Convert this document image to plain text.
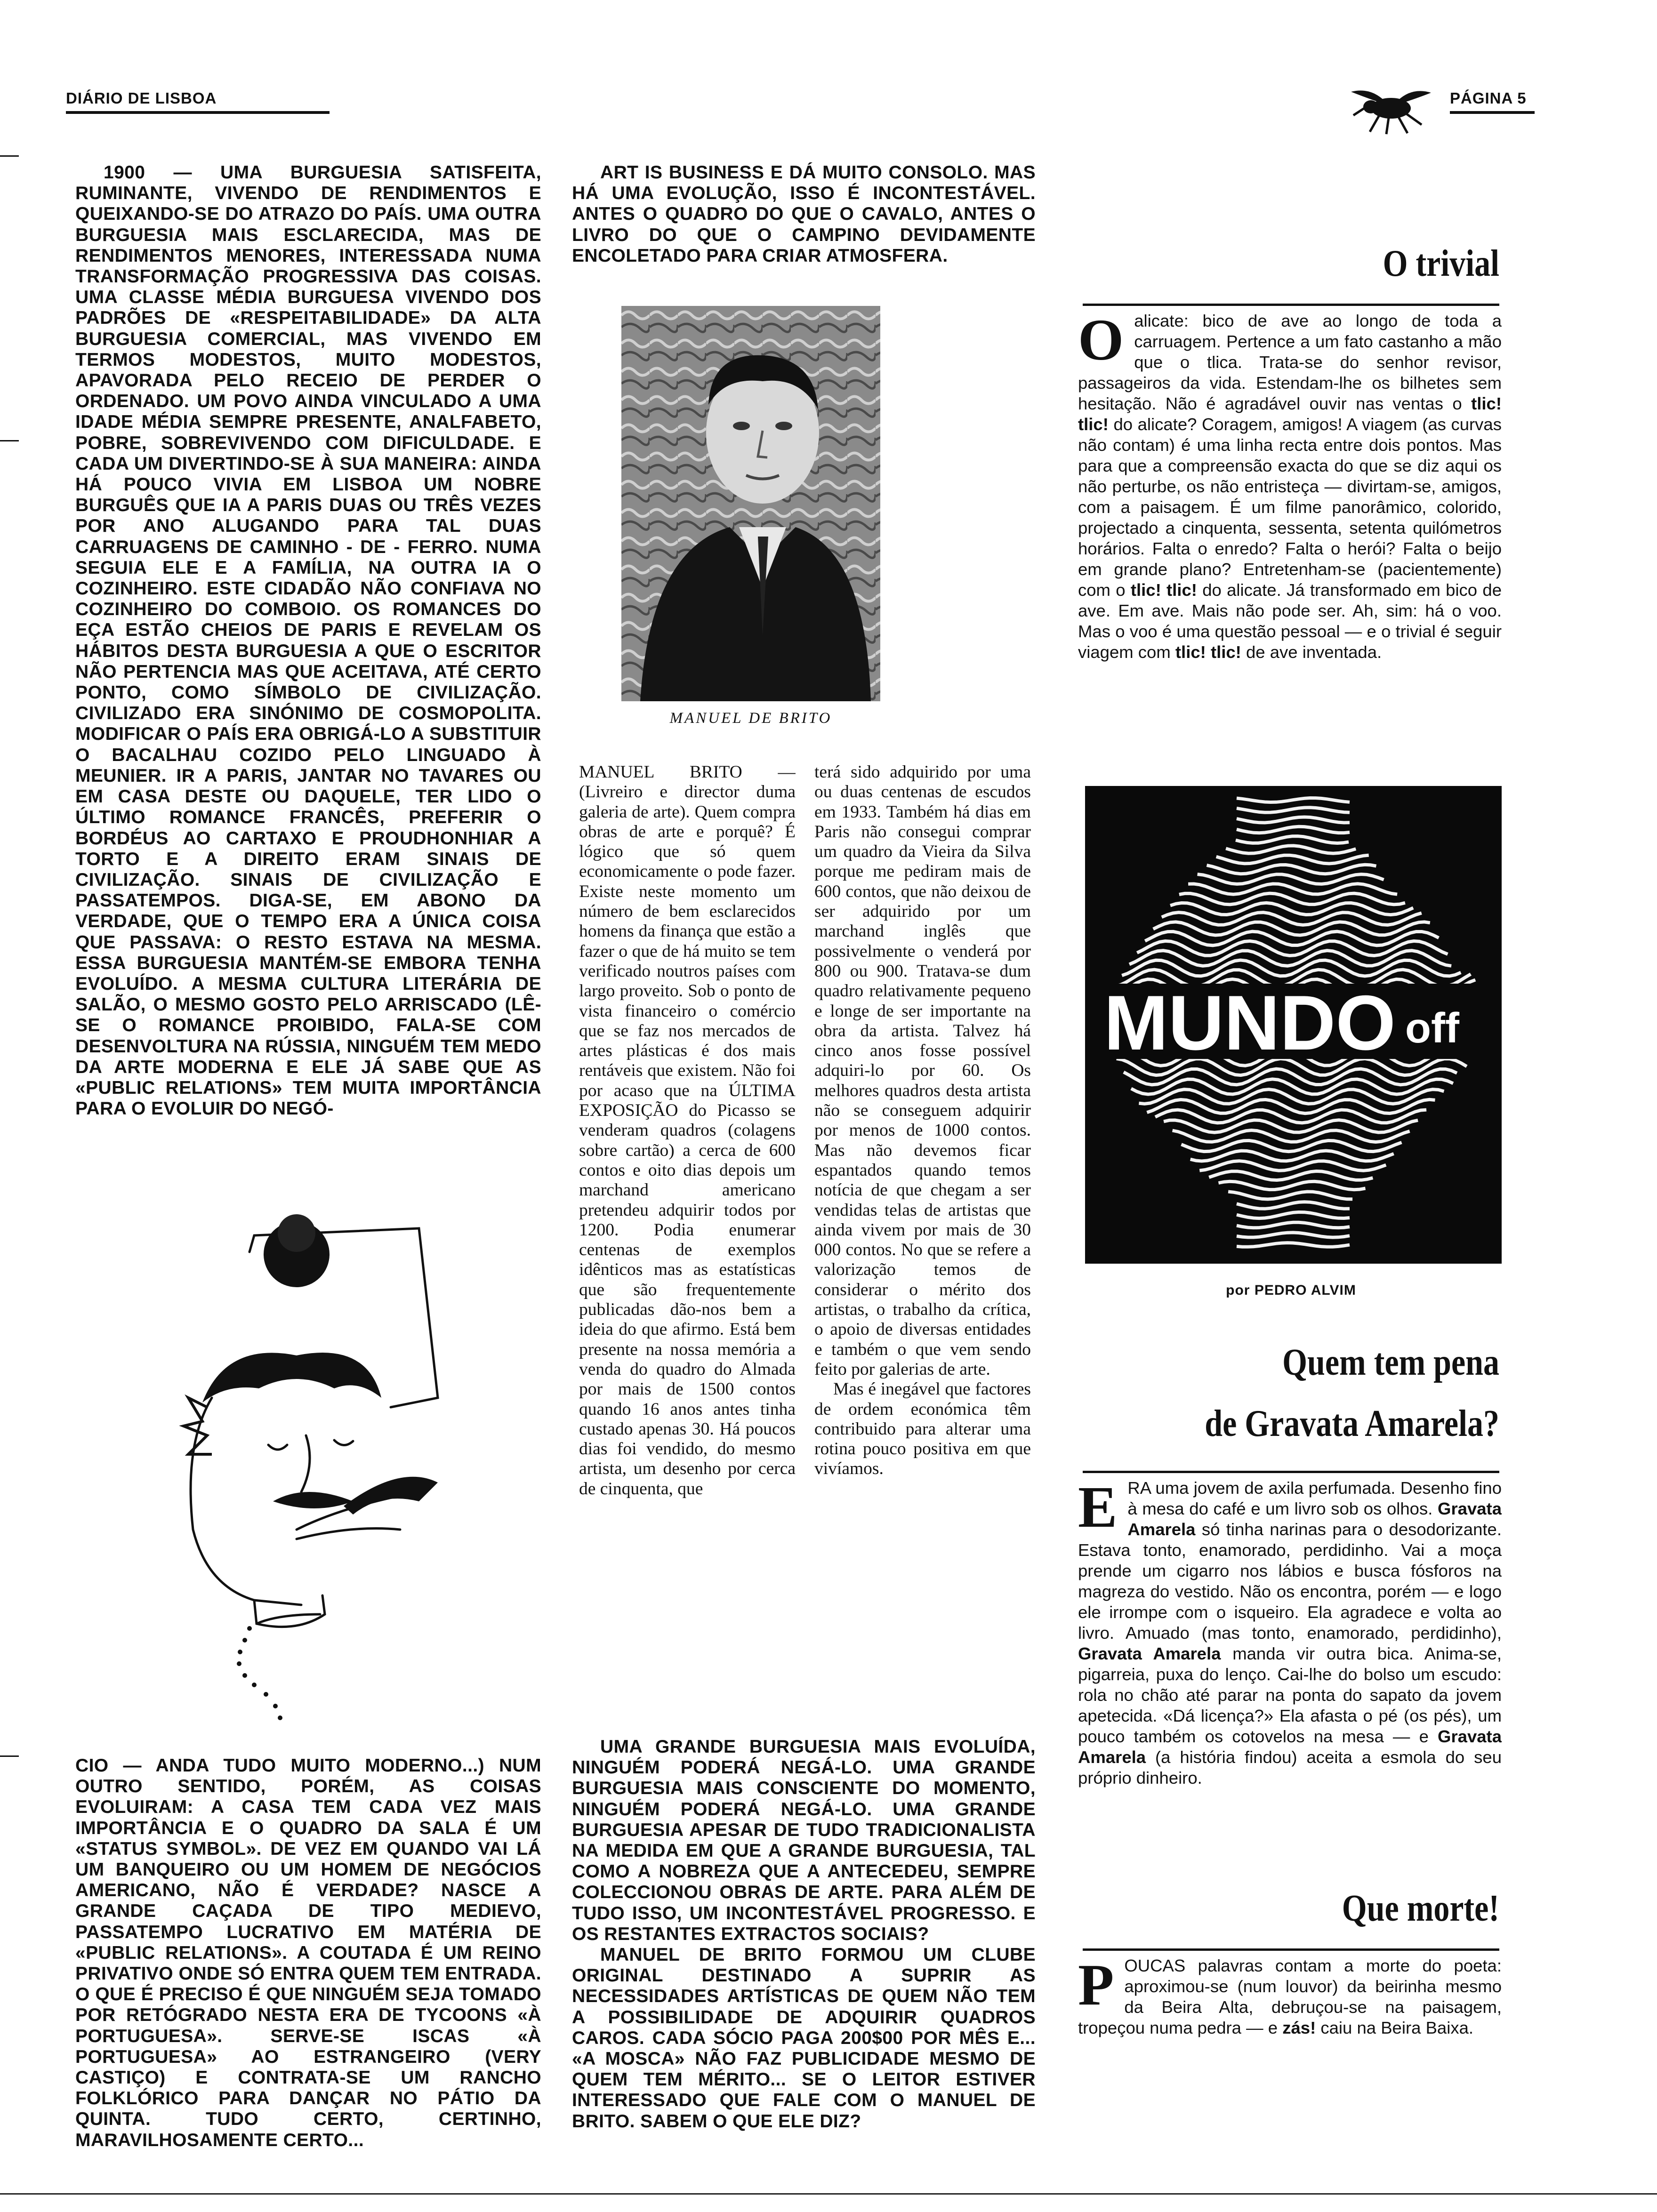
DIÁRIO DE LISBOA	PÁGINA 5
1900 — UMA BURGUESIA SATISFEITA, RUMINANTE, VIVENDO DE RENDIMENTOS E QUEIXANDO-SE DO ATRAZO DO PAÍS. UMA OUTRA BURGUESIA MAIS ESCLARECIDA, MAS DE RENDIMENTOS MENORES, INTERESSADA NUMA TRANSFORMAÇÃO PROGRESSIVA DAS COISAS. UMA CLASSE MÉDIA BURGUESA VIVENDO DOS PADRÕES DE «RESPEITABILIDADE» DA ALTA BURGUESIA COMERCIAL, MAS VIVENDO EM TERMOS MODESTOS, MUITO MODESTOS, APAVORADA PELO RECEIO DE PERDER O ORDENADO. UM POVO AINDA VINCULADO A UMA IDADE MÉDIA SEMPRE PRESENTE, ANALFABETO, POBRE, SOBREVIVENDO COM DIFICULDADE. E CADA UM DIVERTINDO-SE À SUA MANEIRA: AINDA HÁ POUCO VIVIA EM LISBOA UM NOBRE BURGUÊS QUE IA A PARIS DUAS OU TRÊS VEZES POR ANO ALUGANDO PARA TAL DUAS CARRUAGENS DE CAMINHO - DE - FERRO. NUMA SEGUIA ELE E A FAMÍLIA, NA OUTRA IA O COZINHEIRO. ESTE CIDADÃO NÃO CONFIAVA NO COZINHEIRO DO COMBOIO. OS ROMANCES DO EÇA ESTÃO CHEIOS DE PARIS E REVELAM OS HÁBITOS DESTA BURGUESIA A QUE O ESCRITOR NÃO PERTENCIA MAS QUE ACEITAVA, ATÉ CERTO PONTO, COMO SÍMBOLO DE CIVILIZAÇÃO. CIVILIZADO ERA SINÓNIMO DE COSMOPOLITA. MODIFICAR O PAÍS ERA OBRIGÁ-LO A SUBSTITUIR O BACALHAU COZIDO PELO LINGUADO À MEUNIER. IR A PARIS, JANTAR NO TAVARES OU EM CASA DESTE OU DAQUELE, TER LIDO O ÚLTIMO ROMANCE FRANCÊS, PREFERIR O BORDÉUS AO CARTAXO E PROUDHONHIAR A TORTO E A DIREITO ERAM SINAIS DE CIVILIZAÇÃO. SINAIS DE CIVILIZAÇÃO E PASSATEMPOS. DIGA-SE, EM ABONO DA VERDADE, QUE O TEMPO ERA A ÚNICA COISA QUE PASSAVA: O RESTO ESTAVA NA MESMA. ESSA BURGUESIA MANTÉM-SE EMBORA TENHA EVOLUÍDO. A MESMA CULTURA LITERÁRIA DE SALÃO, O MESMO GOSTO PELO ARRISCADO (LÊ-SE O ROMANCE PROIBIDO, FALA-SE COM DESENVOLTURA NA RÚSSIA, NINGUÉM TEM MEDO DA ARTE MODERNA E ELE JÁ SABE QUE AS «PUBLIC RELATIONS» TEM MUITA IMPORTÂNCIA PARA O EVOLUIR DO NEGÓ-
ART IS BUSINESS E DÁ MUITO CONSOLO. MAS HÁ UMA EVOLUÇÃO, ISSO É INCONTESTÁVEL. ANTES O QUADRO DO QUE O CAVALO, ANTES O LIVRO DO QUE O CAMPINO DEVIDAMENTE ENCOLETADO PARA CRIAR ATMOSFERA.
MANUEL DE BRITO

MANUEL BRITO —(Livreiro e director duma galeria de arte). Quem compra obras de arte e porquê? É lógico que só quem economicamente o pode fazer. Existe neste momento um número de bem esclarecidos homens da finança que estão a fazer o que de há muito se tem verificado noutros países com largo proveito. Sob o ponto de vista financeiro o comércio que se faz nos mercados de artes plásticas é dos mais rentáveis que existem. Não foi por acaso que na ÚLTIMA EXPOSIÇÃO do Picasso se venderam quadros (colagens sobre cartão) a cerca de 600 contos e oito dias depois um marchand americano pretendeu adquirir todos por 1200. Podia enumerar centenas de exemplos idênticos mas as estatísticas que são frequentemente publicadas dão-nos bem a ideia do que afirmo. Está bem presente na nossa memória a venda do quadro do Almada por mais de 1500 contos quando 16 anos antes tinha custado apenas 30. Há poucos dias foi vendido, do mesmo artista, um desenho por cerca de cinquenta, que

terá sido adquirido por uma ou duas centenas de escudos em 1933. Também há dias em Paris não consegui comprar um quadro da Vieira da Silva porque me pediram mais de 600 contos, que não deixou de ser adquirido por um marchand inglês que possivelmente o venderá por 800 ou 900. Tratava-se dum quadro relativamente pequeno e longe de ser importante na obra da artista. Talvez há cinco anos fosse possível adquiri-lo por 60. Os melhores quadros desta artista não se conseguem adquirir por menos de 1000 contos. Mas não devemos ficar espantados quando temos notícia de que chegam a ser vendidas telas de artistas que ainda vivem por mais de 30 000 contos. No que se refere a valorização temos de considerar o mérito dos artistas, o trabalho da crítica, o apoio de diversas entidades e também o que vem sendo feito por galerias de arte.

Mas é inegável que factores de ordem económica têm contribuido para alterar uma rotina pouco positiva em que vivíamos.

CIO — ANDA TUDO MUITO MODERNO...) NUM OUTRO SENTIDO, PORÉM, AS COISAS EVOLUIRAM: A CASA TEM CADA VEZ MAIS IMPORTÂNCIA E O QUADRO DA SALA É UM «STATUS SYMBOL». DE VEZ EM QUANDO VAI LÁ UM BANQUEIRO OU UM HOMEM DE NEGÓCIOS AMERICANO, NÃO É VERDADE? NASCE A GRANDE CAÇADA DE TIPO MEDIEVO, PASSATEMPO LUCRATIVO EM MATÉRIA DE «PUBLIC RELATIONS». A COUTADA É UM REINO PRIVATIVO ONDE SÓ ENTRA QUEM TEM ENTRADA. O QUE É PRECISO É QUE NINGUÉM SEJA TOMADO POR RETÓGRADO NESTA ERA DE TYCOONS «À PORTUGUESA». SERVE-SE ISCAS «À PORTUGUESA» AO ESTRANGEIRO (VERY CASTIÇO) E CONTRATA-SE UM RANCHO FOLKLÓRICO PARA DANÇAR NO PÁTIO DA QUINTA. TUDO CERTO, CERTINHO, MARAVILHOSAMENTE CERTO...

UMA GRANDE BURGUESIA MAIS EVOLUÍDA, NINGUÉM PODERÁ NEGÁ-LO. UMA GRANDE BURGUESIA MAIS CONSCIENTE DO MOMENTO, NINGUÉM PODERÁ NEGÁ-LO. UMA GRANDE BURGUESIA APESAR DE TUDO TRADICIONALISTA NA MEDIDA EM QUE A GRANDE BURGUESIA, TAL COMO A NOBREZA QUE A ANTECEDEU, SEMPRE COLECCIONOU OBRAS DE ARTE. PARA ALÉM DE TUDO ISSO, UM INCONTESTÁVEL PROGRESSO. E OS RESTANTES EXTRACTOS SOCIAIS?

MANUEL DE BRITO FORMOU UM CLUBE ORIGINAL DESTINADO A SUPRIR AS NECESSIDADES ARTÍSTICAS DE QUEM NÃO TEM A POSSIBILIDADE DE ADQUIRIR QUADROS CAROS. CADA SÓCIO PAGA 200$00 POR MÊS E... «A MOSCA» NÃO FAZ PUBLICIDADE MESMO DE QUEM TEM MÉRITO... SE O LEITOR ESTIVER INTERESSADO QUE FALE COM O MANUEL DE BRITO. SABEM O QUE ELE DIZ?

O trivial
O alicate: bico de ave ao longo de toda a carruagem. Pertence a um fato castanho a mão que o tlica. Trata-se do senhor revisor, passageiros da vida. Estendam-lhe os bilhetes sem hesitação. Não é agradável ouvir nas ventas o tlic! tlic! do alicate? Coragem, amigos! A viagem (as curvas não contam) é uma linha recta entre dois pontos. Mas para que a compreensão exacta do que se diz aqui os não perturbe, os não entristeça — divirtam-se, amigos, com a paisagem. É um filme panorâmico, colorido, projectado a cinquenta, sessenta, setenta quilómetros horários. Falta o enredo? Falta o herói? Falta o beijo em grande plano? Entretenham-se (pacientemente) com o tlic! tlic! do alicate. Já transformado em bico de ave. Em ave. Mais não pode ser. Ah, sim: há o voo. Mas o voo é uma questão pessoal — e o trivial é seguir viagem com tlic! tlic! de ave inventada.
MUNDO off
por PEDRO ALVIM
Quem tem pena
de Gravata Amarela?
ERA uma jovem de axila perfumada. Desenho fino à mesa do café e um livro sob os olhos. Gravata Amarela só tinha narinas para o desodorizante. Estava tonto, enamorado, perdidinho. Vai a moça prende um cigarro nos lábios e busca fósforos na magreza do vestido. Não os encontra, porém — e logo ele irrompe com o isqueiro. Ela agradece e volta ao livro. Amuado (mas tonto, enamorado, perdidinho), Gravata Amarela manda vir outra bica. Anima-se, pigarreia, puxa do lenço. Cai-lhe do bolso um escudo: rola no chão até parar na ponta do sapato da jovem apetecida. «Dá licença?» Ela afasta o pé (os pés), um pouco também os cotovelos na mesa — e Gravata Amarela (a história findou) aceita a esmola do seu próprio dinheiro.
Que morte!
POUCAS palavras contam a morte do poeta: aproximou-se (num louvor) da beirinha mesmo da Beira Alta, debruçou-se na paisagem, tropeçou numa pedra — e zás! caiu na Beira Baixa.
